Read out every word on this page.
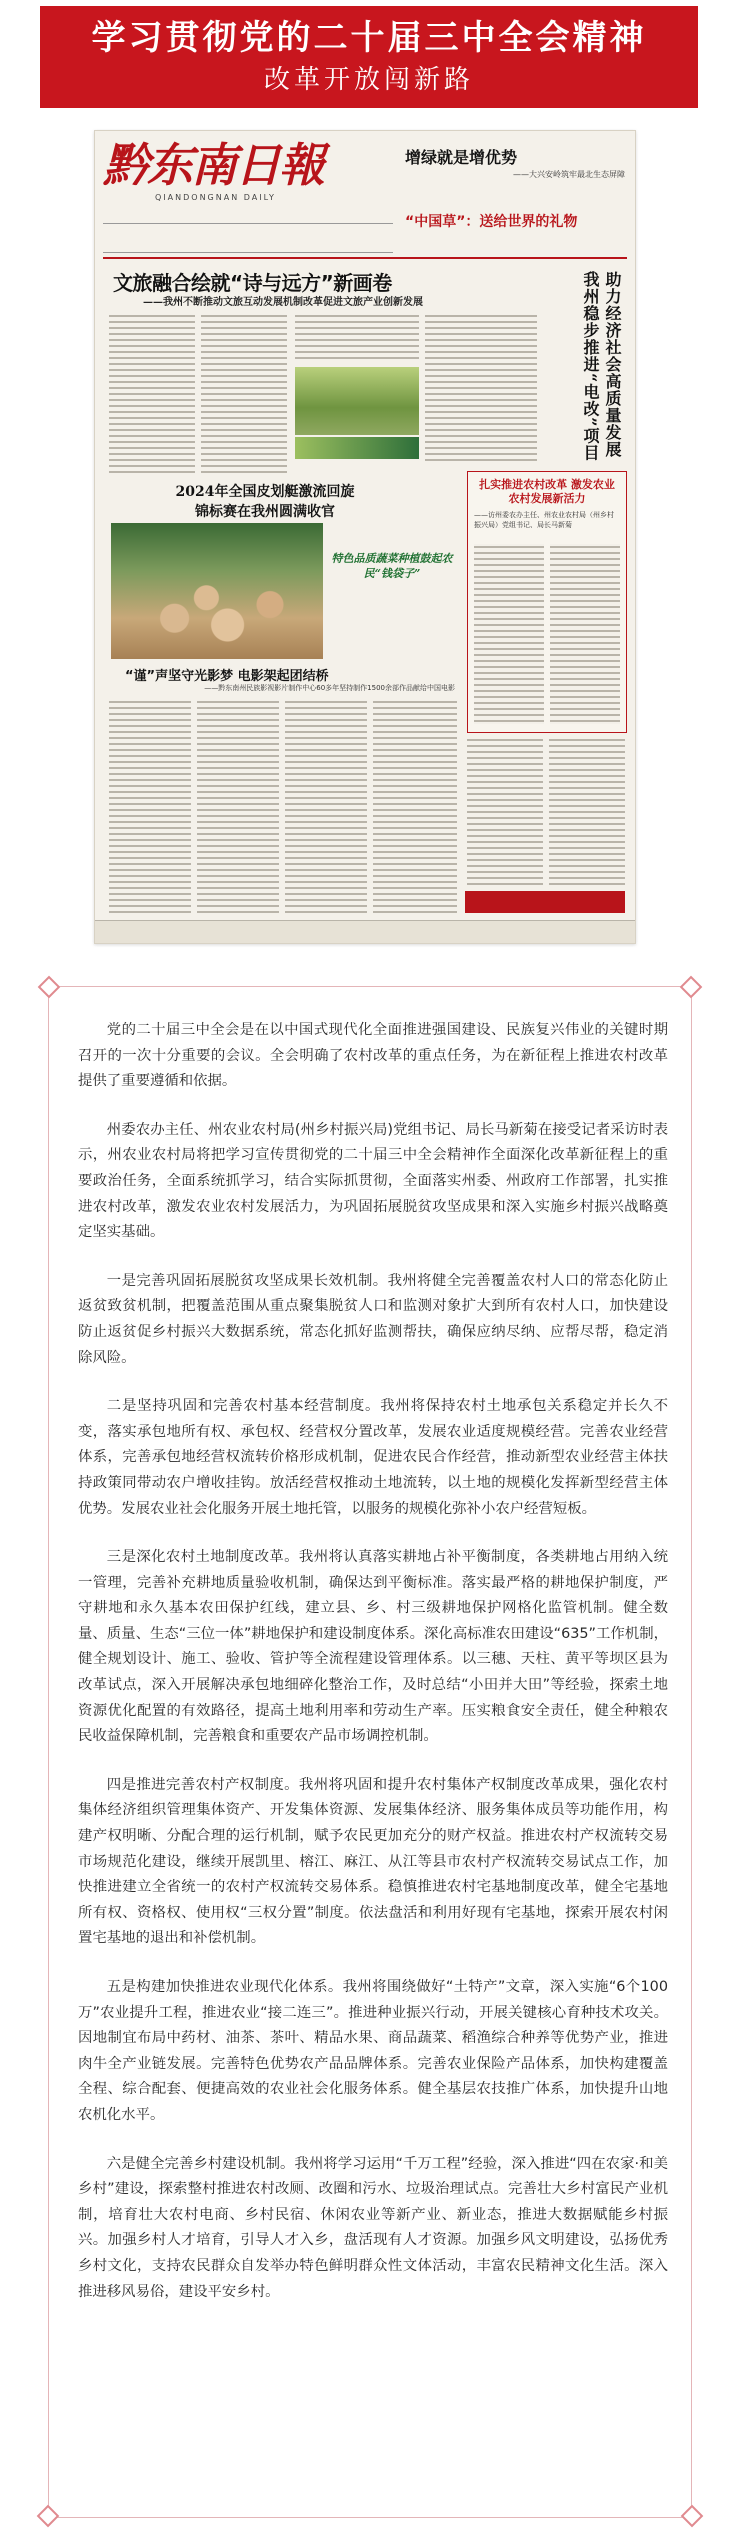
学习贯彻党的二十届三中全会精神
改革开放闯新路
黔东南日報
QIANDONGNAN DAILY
增绿就是增优势
——大兴安岭筑牢最北生态屏障
“中国草”：送给世界的礼物
文旅融合绘就“诗与远方”新画卷
——我州不断推动文旅互动发展机制改革促进文旅产业创新发展	助力经济社会高质量发展 我州稳步推进“电改”项目
2024年全国皮划艇激流回旋
锦标赛在我州圆满收官
特色品质蔬菜种植鼓起农民“钱袋子”
扎实推进农村改革 激发农业农村发展新活力
——访州委农办主任、州农业农村局（州乡村振兴局）党组书记、局长马新菊
“谨”声坚守光影梦 电影架起团结桥
——黔东南州民族影视影片制作中心60多年坚持制作1500余部作品献给中国电影

党的二十届三中全会是在以中国式现代化全面推进强国建设、民族复兴伟业的关键时期召开的一次十分重要的会议。全会明确了农村改革的重点任务，为在新征程上推进农村改革提供了重要遵循和依据。

州委农办主任、州农业农村局(州乡村振兴局)党组书记、局长马新菊在接受记者采访时表示，州农业农村局将把学习宣传贯彻党的二十届三中全会精神作全面深化改革新征程上的重要政治任务，全面系统抓学习，结合实际抓贯彻，全面落实州委、州政府工作部署，扎实推进农村改革，激发农业农村发展活力，为巩固拓展脱贫攻坚成果和深入实施乡村振兴战略奠定坚实基础。

一是完善巩固拓展脱贫攻坚成果长效机制。我州将健全完善覆盖农村人口的常态化防止返贫致贫机制，把覆盖范围从重点聚集脱贫人口和监测对象扩大到所有农村人口，加快建设防止返贫促乡村振兴大数据系统，常态化抓好监测帮扶，确保应纳尽纳、应帮尽帮，稳定消除风险。

二是坚持巩固和完善农村基本经营制度。我州将保持农村土地承包关系稳定并长久不变，落实承包地所有权、承包权、经营权分置改革，发展农业适度规模经营。完善农业经营体系，完善承包地经营权流转价格形成机制，促进农民合作经营，推动新型农业经营主体扶持政策同带动农户增收挂钩。放活经营权推动土地流转，以土地的规模化发挥新型经营主体优势。发展农业社会化服务开展土地托管，以服务的规模化弥补小农户经营短板。

三是深化农村土地制度改革。我州将认真落实耕地占补平衡制度，各类耕地占用纳入统一管理，完善补充耕地质量验收机制，确保达到平衡标准。落实最严格的耕地保护制度，严守耕地和永久基本农田保护红线，建立县、乡、村三级耕地保护网格化监管机制。健全数量、质量、生态“三位一体”耕地保护和建设制度体系。深化高标准农田建设“635”工作机制，健全规划设计、施工、验收、管护等全流程建设管理体系。以三穗、天柱、黄平等坝区县为改革试点，深入开展解决承包地细碎化整治工作，及时总结“小田并大田”等经验，探索土地资源优化配置的有效路径，提高土地利用率和劳动生产率。压实粮食安全责任，健全种粮农民收益保障机制，完善粮食和重要农产品市场调控机制。

四是推进完善农村产权制度。我州将巩固和提升农村集体产权制度改革成果，强化农村集体经济组织管理集体资产、开发集体资源、发展集体经济、服务集体成员等功能作用，构建产权明晰、分配合理的运行机制，赋予农民更加充分的财产权益。推进农村产权流转交易市场规范化建设，继续开展凯里、榕江、麻江、从江等县市农村产权流转交易试点工作，加快推进建立全省统一的农村产权流转交易体系。稳慎推进农村宅基地制度改革，健全宅基地所有权、资格权、使用权“三权分置”制度。依法盘活和利用好现有宅基地，探索开展农村闲置宅基地的退出和补偿机制。

五是构建加快推进农业现代化体系。我州将围绕做好“土特产”文章，深入实施“6个100万”农业提升工程，推进农业“接二连三”。推进种业振兴行动，开展关键核心育种技术攻关。因地制宜布局中药材、油茶、茶叶、精品水果、商品蔬菜、稻渔综合种养等优势产业，推进肉牛全产业链发展。完善特色优势农产品品牌体系。完善农业保险产品体系，加快构建覆盖全程、综合配套、便捷高效的农业社会化服务体系。健全基层农技推广体系，加快提升山地农机化水平。

六是健全完善乡村建设机制。我州将学习运用“千万工程”经验，深入推进“四在农家·和美乡村”建设，探索整村推进农村改厕、改圈和污水、垃圾治理试点。完善壮大乡村富民产业机制，培育壮大农村电商、乡村民宿、休闲农业等新产业、新业态，推进大数据赋能乡村振兴。加强乡村人才培育，引导人才入乡，盘活现有人才资源。加强乡风文明建设，弘扬优秀乡村文化，支持农民群众自发举办特色鲜明群众性文体活动，丰富农民精神文化生活。深入推进移风易俗，建设平安乡村。
